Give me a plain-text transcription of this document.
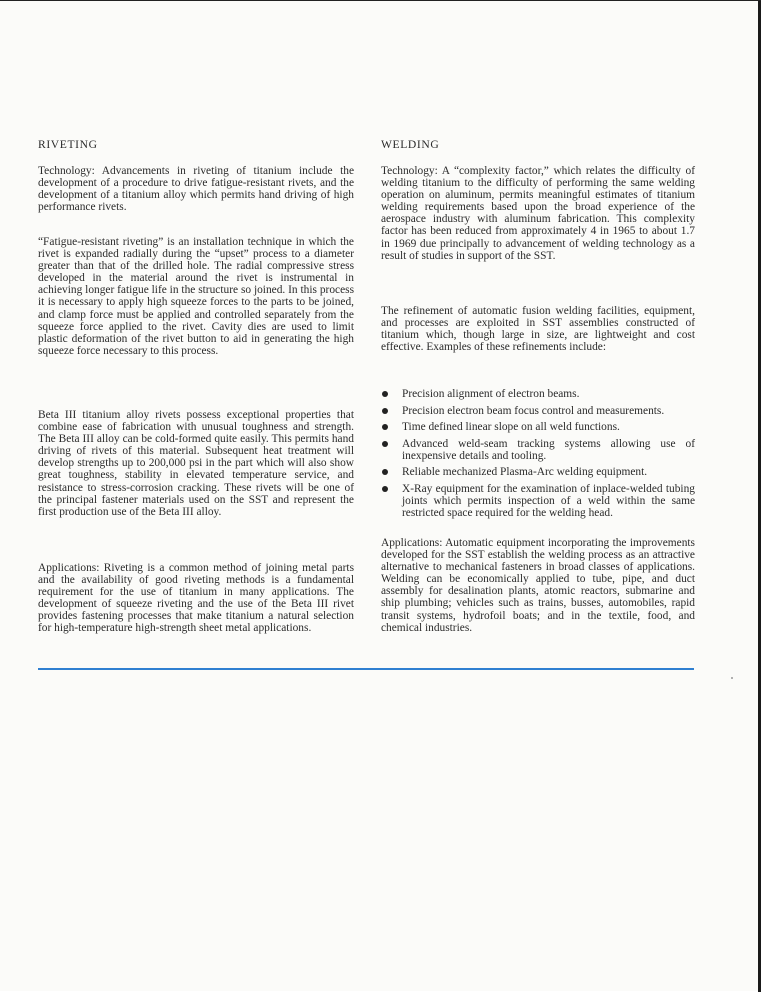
RIVETING

Technology: Advancements in riveting of titanium include the development of a procedure to drive fatigue-resistant rivets, and the development of a titanium alloy which permits hand driving of high performance rivets.

“Fatigue-resistant riveting” is an installation technique in which the rivet is expanded radially during the “upset” process to a diameter greater than that of the drilled hole. The radial compressive stress developed in the material around the rivet is instrumental in achieving longer fatigue life in the structure so joined. In this process it is necessary to apply high squeeze forces to the parts to be joined, and clamp force must be applied and controlled separately from the squeeze force applied to the rivet. Cavity dies are used to limit plastic deformation of the rivet button to aid in generating the high squeeze force necessary to this process.

Beta III titanium alloy rivets possess exceptional properties that combine ease of fabrication with unusual toughness and strength. The Beta III alloy can be cold-formed quite easily. This permits hand driving of rivets of this material. Subsequent heat treatment will develop strengths up to 200,000 psi in the part which will also show great toughness, stability in elevated temperature service, and resistance to stress-corrosion cracking. These rivets will be one of the principal fastener materials used on the SST and represent the first production use of the Beta III alloy.

Applications: Riveting is a common method of joining metal parts and the availability of good riveting methods is a fundamental requirement for the use of titanium in many applications. The development of squeeze riveting and the use of the Beta III rivet provides fastening processes that make titanium a natural selection for high-temperature high-strength sheet metal applications.

WELDING

Technology: A “complexity factor,” which relates the difficulty of welding titanium to the difficulty of performing the same welding operation on aluminum, permits meaningful estimates of titanium welding requirements based upon the broad experience of the aerospace industry with aluminum fabrication. This complexity factor has been reduced from approximately 4 in 1965 to about 1.7 in 1969 due principally to advancement of welding technology as a result of studies in support of the SST.

The refinement of automatic fusion welding facilities, equipment, and processes are exploited in SST assemblies constructed of titanium which, though large in size, are lightweight and cost effective. Examples of these refinements include:

Precision alignment of electron beams.
Precision electron beam focus control and measurements.
Time defined linear slope on all weld functions.
Advanced weld-seam tracking systems allowing use of inexpensive details and tooling.
Reliable mechanized Plasma-Arc welding equipment.
X-Ray equipment for the examination of inplace-welded tubing joints which permits inspection of a weld within the same restricted space required for the welding head.

Applications: Automatic equipment incorporating the improvements developed for the SST establish the welding process as an attractive alternative to mechanical fasteners in broad classes of applications. Welding can be economically applied to tube, pipe, and duct assembly for desalination plants, atomic reactors, submarine and ship plumbing; vehicles such as trains, busses, automobiles, rapid transit systems, hydrofoil boats; and in the textile, food, and chemical industries.
